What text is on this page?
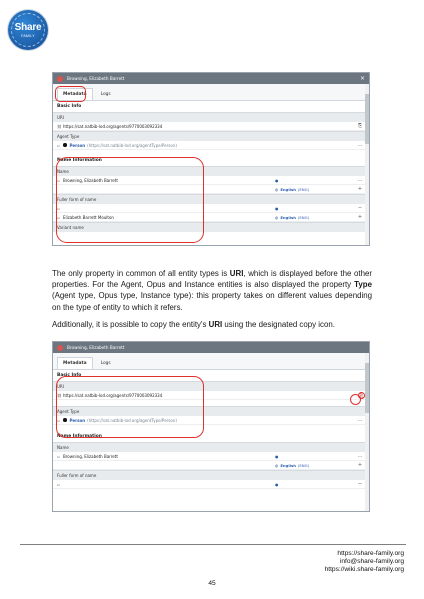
Share
FAMILY
Browning, Elizabeth Barrett	×
Metadata	Logs
Basic Info
URI
⛓ https://sat.natbib-lod.org/agents/9770003092334	⎘
Agent Type
▫	Person (https://sat.natbib-lod.org/agentType/Person)	…
Name Information
Name
▫ Browning, Elizabeth Barrett	●	…
◍ English (ENG)	+
Fuller form of name
▫	●	−
▫ Elizabeth Barrett Moulton	◍ English (ENG)	+
Variant name

The only property in common of all entity types is URI, which is displayed before the other properties. For the Agent, Opus and Instance entities is also displayed the property Type (Agent type, Opus type, Instance type): this property takes on different values depending on the type of entity to which it refers.

Additionally, it is possible to copy the entity's URI using the designated copy icon.

Browning, Elizabeth Barrett
Metadata	Logs
Basic Info
URI
⛓ https://sat.natbib-lod.org/agents/9770003092334	⎘
Agent Type
▫	Person (https://sat.natbib-lod.org/agentType/Person)	…
Name Information
Name
▫ Browning, Elizabeth Barrett	●	…
◍ English (ENG)	+
Fuller form of name
▫	●	−
https://share-family.org
info@share-family.org
https://wiki.share-family.org
45
